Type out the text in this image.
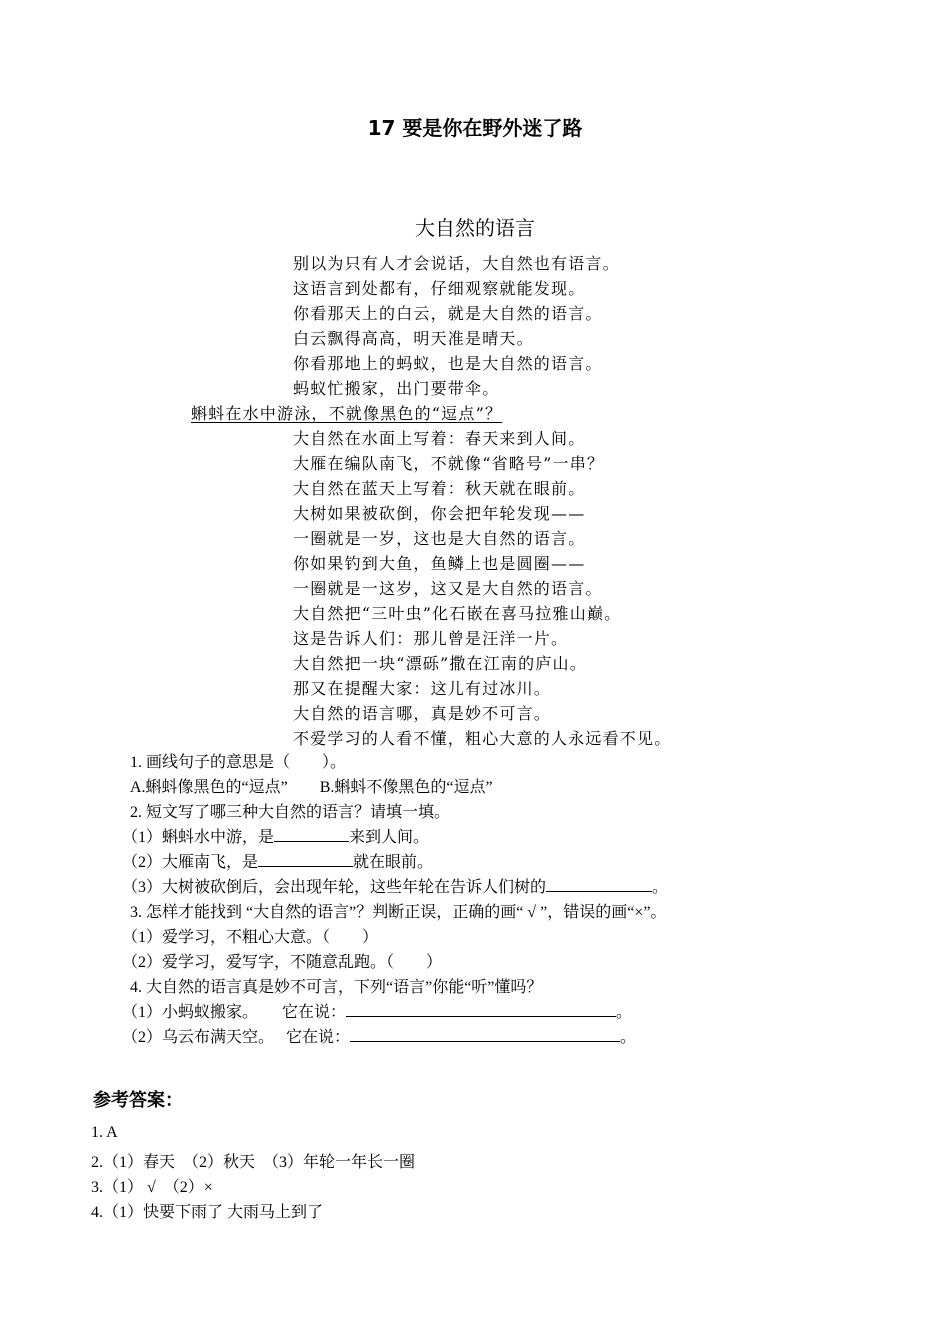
17 要是你在野外迷了路
大自然的语言
别以为只有人才会说话，大自然也有语言。
这语言到处都有，仔细观察就能发现。
你看那天上的白云，就是大自然的语言。
白云飘得高高，明天准是晴天。
你看那地上的蚂蚁，也是大自然的语言。
蚂蚁忙搬家，出门要带伞。
蝌蚪在水中游泳，不就像黑色的“逗点”？
大自然在水面上写着：春天来到人间。
大雁在编队南飞，不就像“省略号”一串？
大自然在蓝天上写着：秋天就在眼前。
大树如果被砍倒，你会把年轮发现——
一圈就是一岁，这也是大自然的语言。
你如果钓到大鱼，鱼鳞上也是圆圈——
一圈就是一这岁，这又是大自然的语言。
大自然把“三叶虫”化石嵌在喜马拉雅山巅。
这是告诉人们：那儿曾是汪洋一片。
大自然把一块“漂砾”撒在江南的庐山。
那又在提醒大家：这儿有过冰川。
大自然的语言哪，真是妙不可言。
不爱学习的人看不懂，粗心大意的人永远看不见。
1. 画线句子的意思是（　　）。
A.蝌蚪像黑色的“逗点”　　B.蝌蚪不像黑色的“逗点”
2. 短文写了哪三种大自然的语言？请填一填。
（1）蝌蚪水中游，是	来到人间。
（2）大雁南飞，是	就在眼前。
（3）大树被砍倒后，会出现年轮，这些年轮在告诉人们树的	。
3. 怎样才能找到 “大自然的语言”？判断正误，正确的画“ √ ”，错误的画“×”。
（1）爱学习，不粗心大意。（　　）
（2）爱学习，爱写字，不随意乱跑。（　　）
4. 大自然的语言真是妙不可言，下列“语言”你能“听”懂吗？
（1）小蚂蚁搬家。　　它在说：	。
（2）乌云布满天空。　 它在说：	。
参考答案：
1. A
2.（1）春天　（2）秋天　（3）年轮一年长一圈
3.（1） √　（2）×
4.（1）快要下雨了 大雨马上到了
